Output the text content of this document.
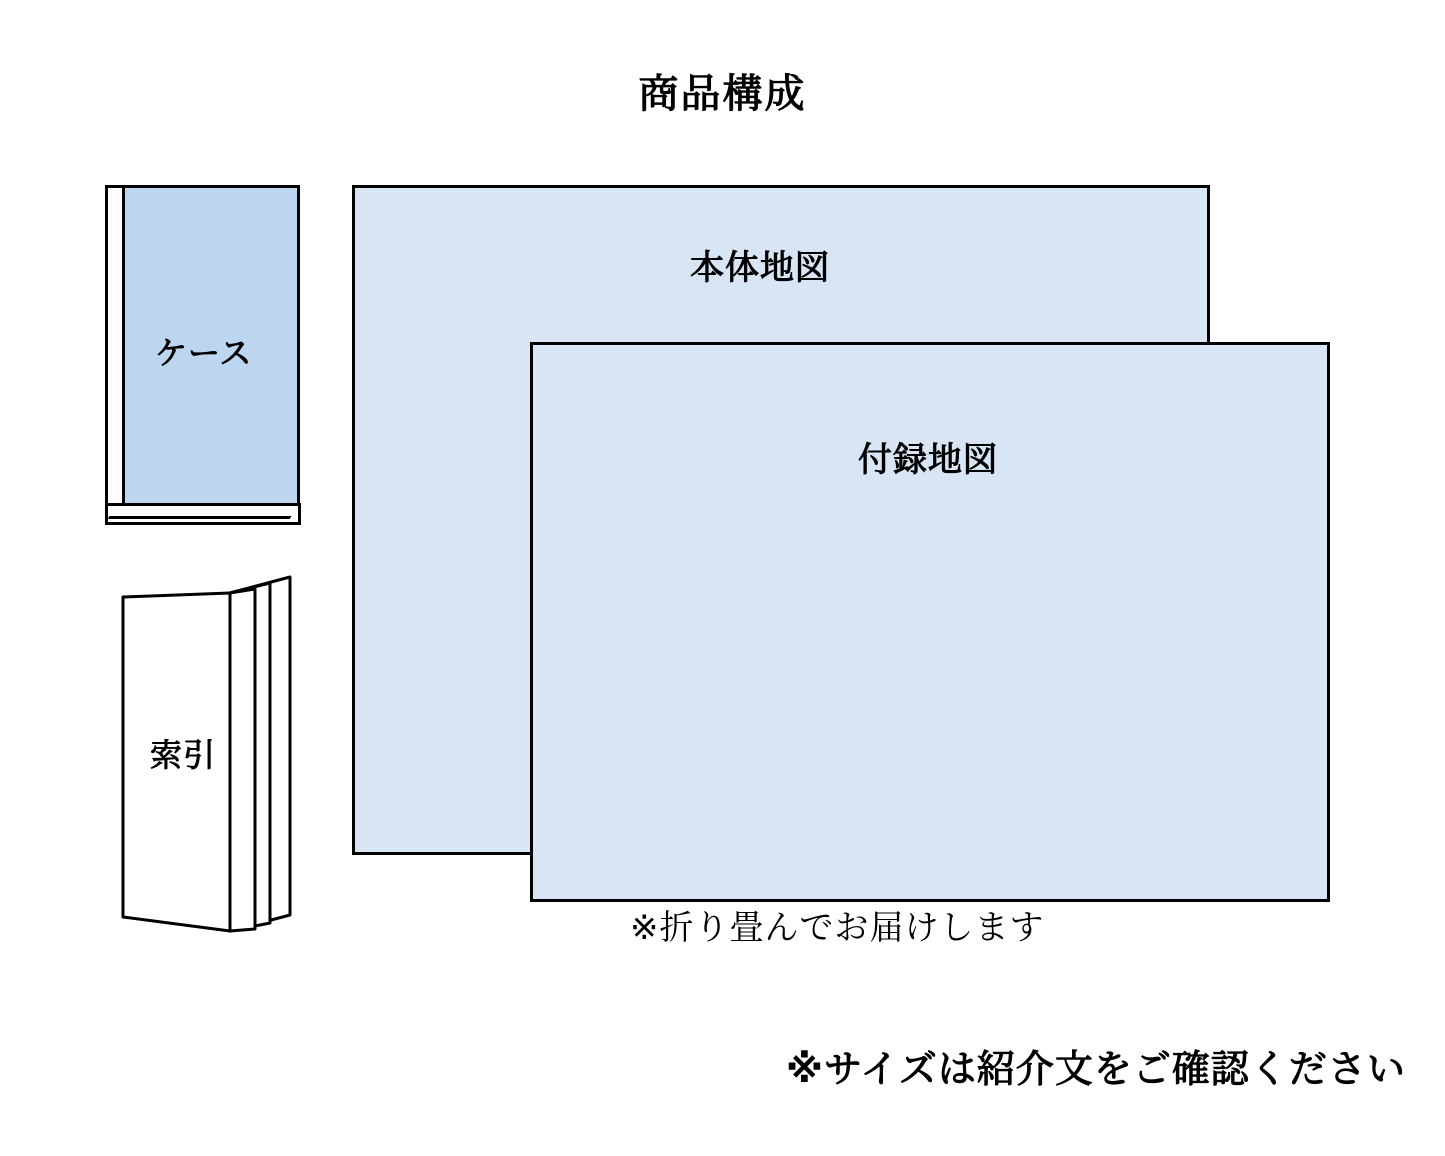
商品構成
ケース
索引
本体地図
付録地図
※折り畳んでお届けします
※サイズは紹介文をご確認ください
